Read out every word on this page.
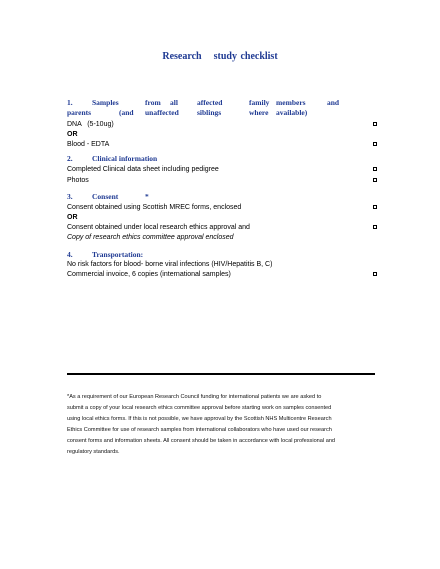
Research study checklist
1.	Samples	from all	affected	family members	and
parents	(and unaffected siblings	where available)
DNA   (5-10ug)
OR
Blood - EDTA
2.	Clinical information
Completed Clinical data sheet including pedigree
Photos
3.	Consent	*
Consent obtained using Scottish MREC forms, enclosed
OR
Consent obtained under local research ethics approval and
Copy of research ethics committee approval enclosed
4.	Transportation:
No risk factors for blood- borne viral infections (HIV/Hepatitis B, C)
Commercial invoice, 6 copies (international samples)
*As a requirement of our European Research Council funding for international patients we are asked to
submit a copy of your local research ethics committee approval before starting work on samples consented
using local ethics forms. If this is not possible, we have approval by the Scottish NHS Multicentre Research
Ethics Committee for use of research samples from international collaborators who have used our research
consent forms and information sheets. All consent should be taken in accordance with local professional and
regulatory standards.
